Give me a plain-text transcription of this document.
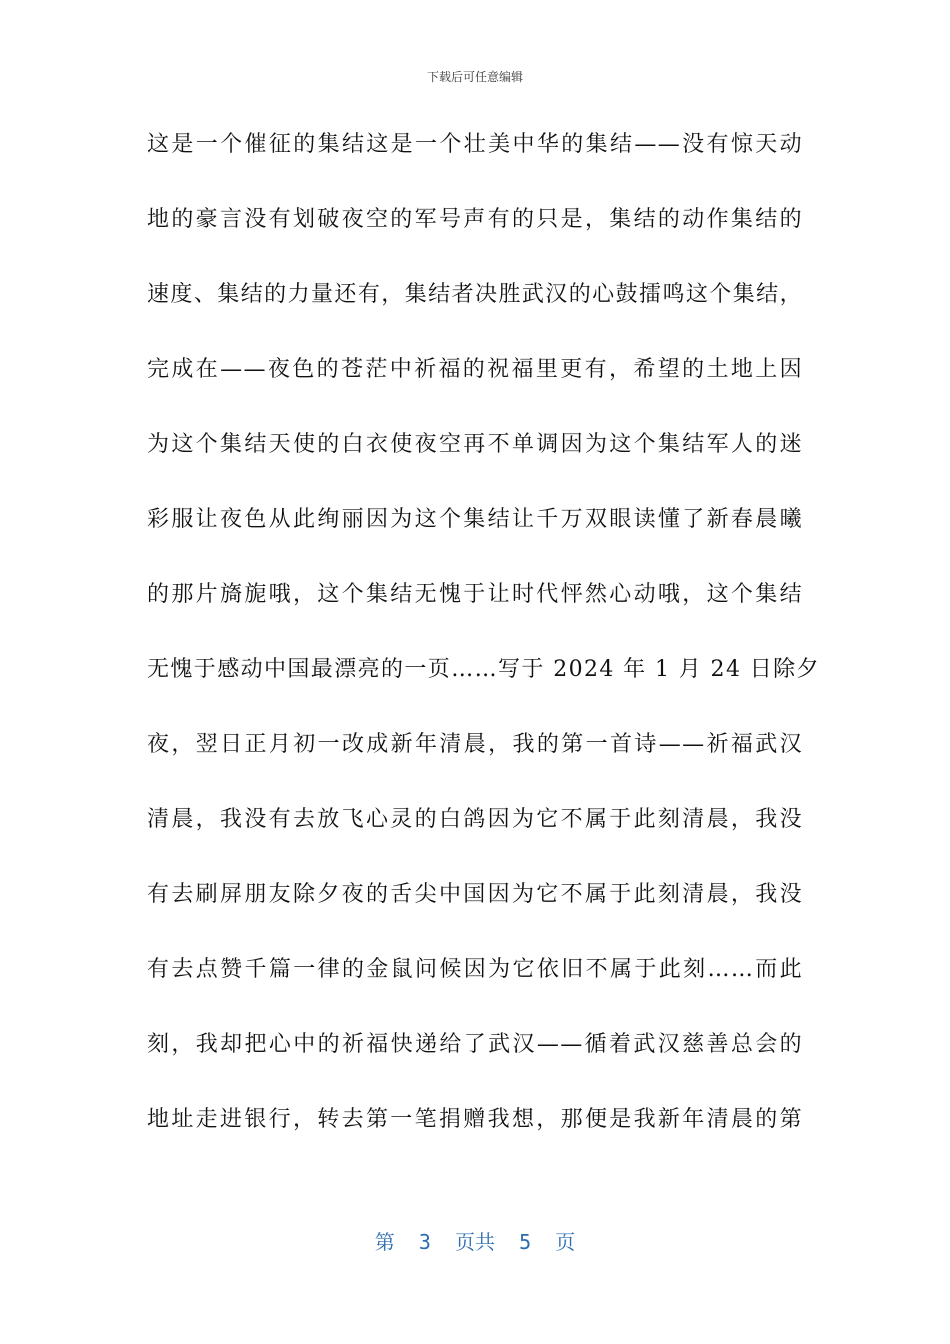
下载后可任意编辑
这是一个催征的集结这是一个壮美中华的集结——没有惊天动
地的豪言没有划破夜空的军号声有的只是，集结的动作集结的
速度、集结的力量还有，集结者决胜武汉的心鼓擂鸣这个集结，
完成在——夜色的苍茫中祈福的祝福里更有，希望的土地上因
为这个集结天使的白衣使夜空再不单调因为这个集结军人的迷
彩服让夜色从此绚丽因为这个集结让千万双眼读懂了新春晨曦
的那片旖旎哦，这个集结无愧于让时代怦然心动哦，这个集结
无愧于感动中国最漂亮的一页……写于 2024 年 1 月 24 日除夕
夜，翌日正月初一改成新年清晨，我的第一首诗——祈福武汉
清晨，我没有去放飞心灵的白鸽因为它不属于此刻清晨，我没
有去刷屏朋友除夕夜的舌尖中国因为它不属于此刻清晨，我没
有去点赞千篇一律的金鼠问候因为它依旧不属于此刻……而此
刻，我却把心中的祈福快递给了武汉——循着武汉慈善总会的
地址走进银行，转去第一笔捐赠我想，那便是我新年清晨的第
第  3  页共  5  页
